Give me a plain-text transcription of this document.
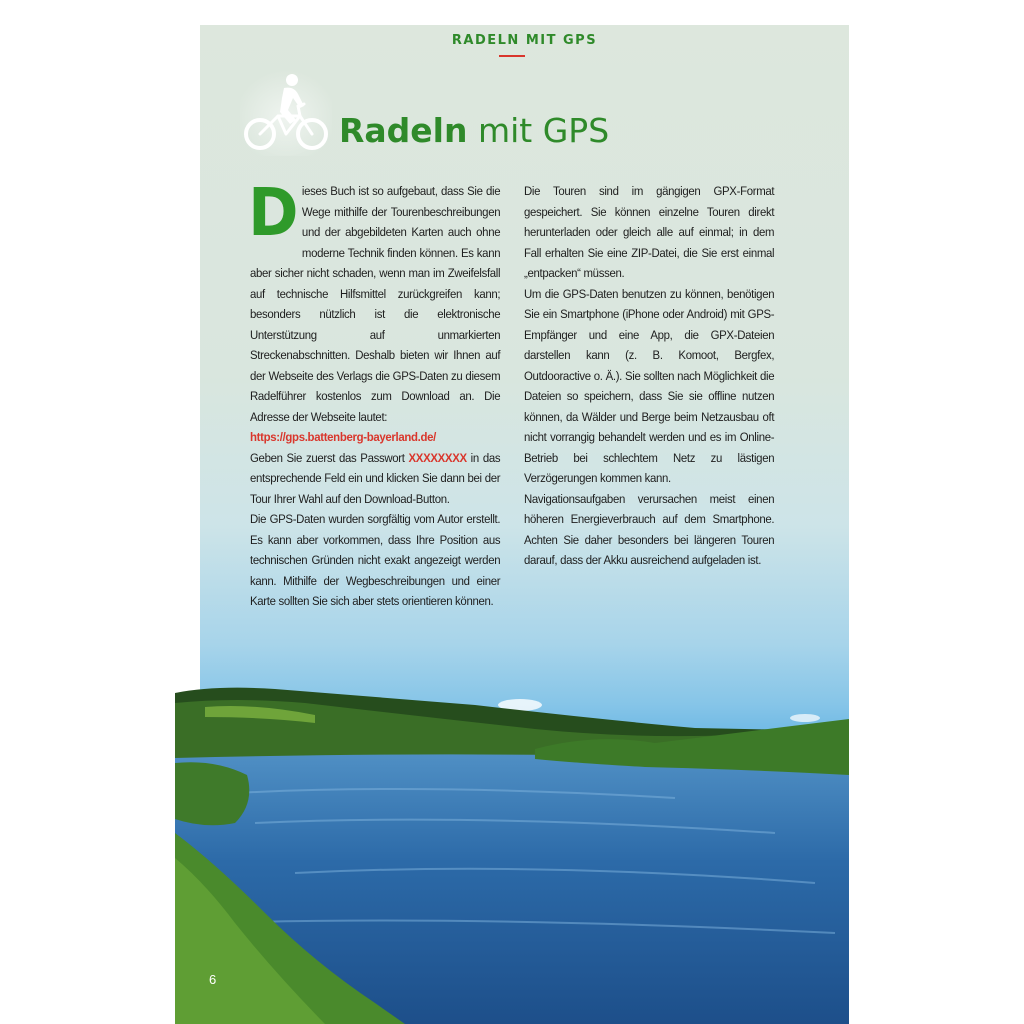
RADELN MIT GPS
Radeln mit GPS

Dieses Buch ist so aufgebaut, dass Sie die Wege mithilfe der Tourenbeschreibungen und der abgebildeten Karten auch ohne moderne Technik finden können. Es kann aber sicher nicht schaden, wenn man im Zweifelsfall auf technische Hilfsmittel zurückgreifen kann; besonders nützlich ist die elektronische Unterstützung auf unmarkierten Streckenabschnitten. Deshalb bieten wir Ihnen auf der Webseite des Verlags die GPS-Daten zu diesem Radelführer kostenlos zum Download an. Die Adresse der Webseite lautet:

https://gps.battenberg-bayerland.de/

Geben Sie zuerst das Passwort XXXXXXXX in das entsprechende Feld ein und klicken Sie dann bei der Tour Ihrer Wahl auf den Download-Button.

Die GPS-Daten wurden sorgfältig vom Autor erstellt. Es kann aber vorkommen, dass Ihre Position aus technischen Gründen nicht exakt angezeigt werden kann. Mithilfe der Wegbeschreibungen und einer Karte sollten Sie sich aber stets orientieren können.

Die Touren sind im gängigen GPX-Format gespeichert. Sie können einzelne Touren direkt herunterladen oder gleich alle auf einmal; in dem Fall erhalten Sie eine ZIP-Datei, die Sie erst einmal „entpacken“ müssen.

Um die GPS-Daten benutzen zu können, benötigen Sie ein Smartphone (iPhone oder Android) mit GPS-Empfänger und eine App, die GPX-Dateien darstellen kann (z. B. Komoot, Bergfex, Outdooractive o. Ä.). Sie sollten nach Möglichkeit die Dateien so speichern, dass Sie sie offline nutzen können, da Wälder und Berge beim Netzausbau oft nicht vorrangig behandelt werden und es im Online-Betrieb bei schlechtem Netz zu lästigen Verzögerungen kommen kann.

Navigationsaufgaben verursachen meist einen höheren Energieverbrauch auf dem Smartphone. Achten Sie daher besonders bei längeren Touren darauf, dass der Akku ausreichend aufgeladen ist.

6
